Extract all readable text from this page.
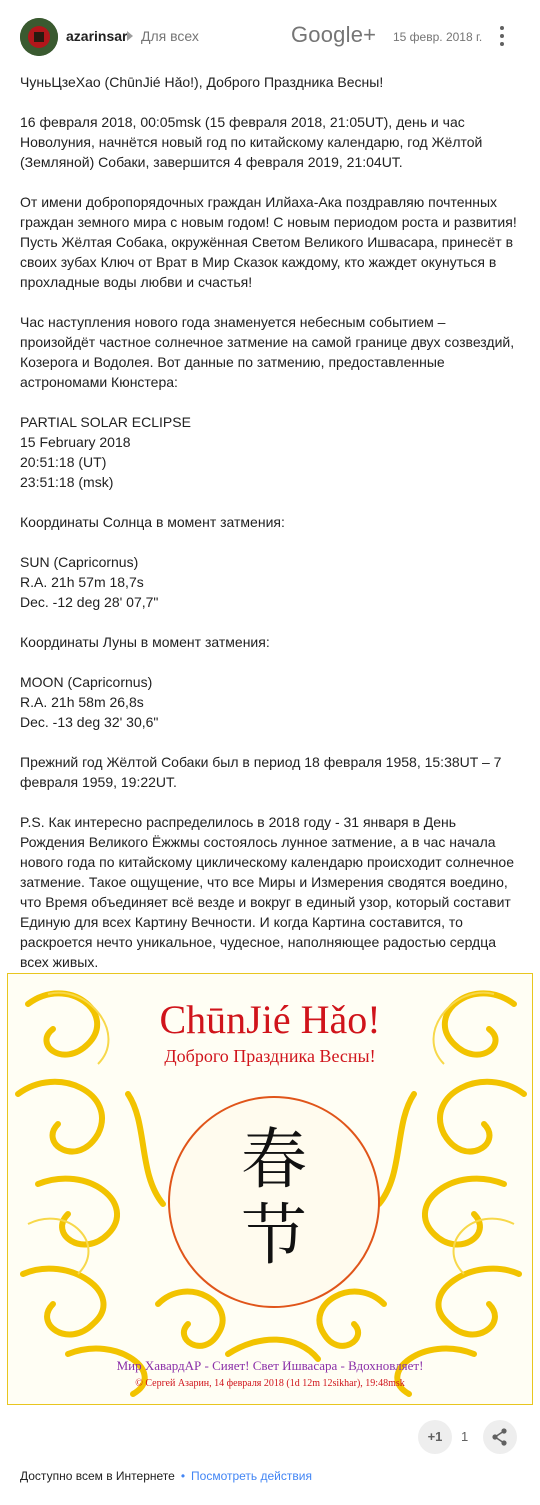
azarinsar Для всех	Google+ 15 февр. 2018 г.
ЧуньЦзеХао (ChūnJié Hǎo!), Доброго Праздника Весны!

16 февраля 2018, 00:05msk (15 февраля 2018, 21:05UT), день и час Новолуния, начнётся новый год по китайскому календарю, год Жёлтой (Земляной) Собаки, завершится 4 февраля 2019, 21:04UT.

От имени добропорядочных граждан Илйаха-Ака поздравляю почтенных граждан земного мира с новым годом! С новым периодом роста и развития! Пусть Жёлтая Собака, окружённая Светом Великого Ишвасара, принесёт в своих зубах Ключ от Врат в Мир Сказок каждому, кто жаждет окунуться в прохладные воды любви и счастья!

Час наступления нового года знаменуется небесным событием – произойдёт частное солнечное затмение на самой границе двух созвездий, Козерога и Водолея. Вот данные по затмению, предоставленные астрономами Кюнстера:

PARTIAL SOLAR ECLIPSE
15 February 2018
20:51:18 (UT)
23:51:18 (msk)

Координаты Солнца в момент затмения:

SUN (Capricornus)
R.A. 21h 57m 18,7s
Dec. -12 deg 28' 07,7"

Координаты Луны в момент затмения:

MOON (Capricornus)
R.A. 21h 58m 26,8s
Dec. -13 deg 32' 30,6"

Прежний год Жёлтой Собаки был в период 18 февраля 1958, 15:38UT – 7 февраля 1959, 19:22UT.

P.S. Как интересно распределилось в 2018 году - 31 января в День Рождения Великого Ёжжмы состоялось лунное затмение, а в час начала нового года по китайскому циклическому календарю происходит солнечное затмение. Такое ощущение, что все Миры и Измерения сводятся воедино, что Время объединяет всё везде и вокруг в единый узор, который составит Единую для всех Картину Вечности. И когда Картина составится, то раскроется нечто уникальное, чудесное, наполняющее радостью сердца всех живых.
ChūnJié Hǎo!
Доброго Праздника Весны!
春
节
Мир ХавардАР - Сияет! Свет Ишвасара - Вдохновляет!
© Сергей Азарин, 14 февраля 2018 (1d 12m 12sikhar), 19:48msk
+1	1
Доступно всем в Интернете • Посмотреть действия
